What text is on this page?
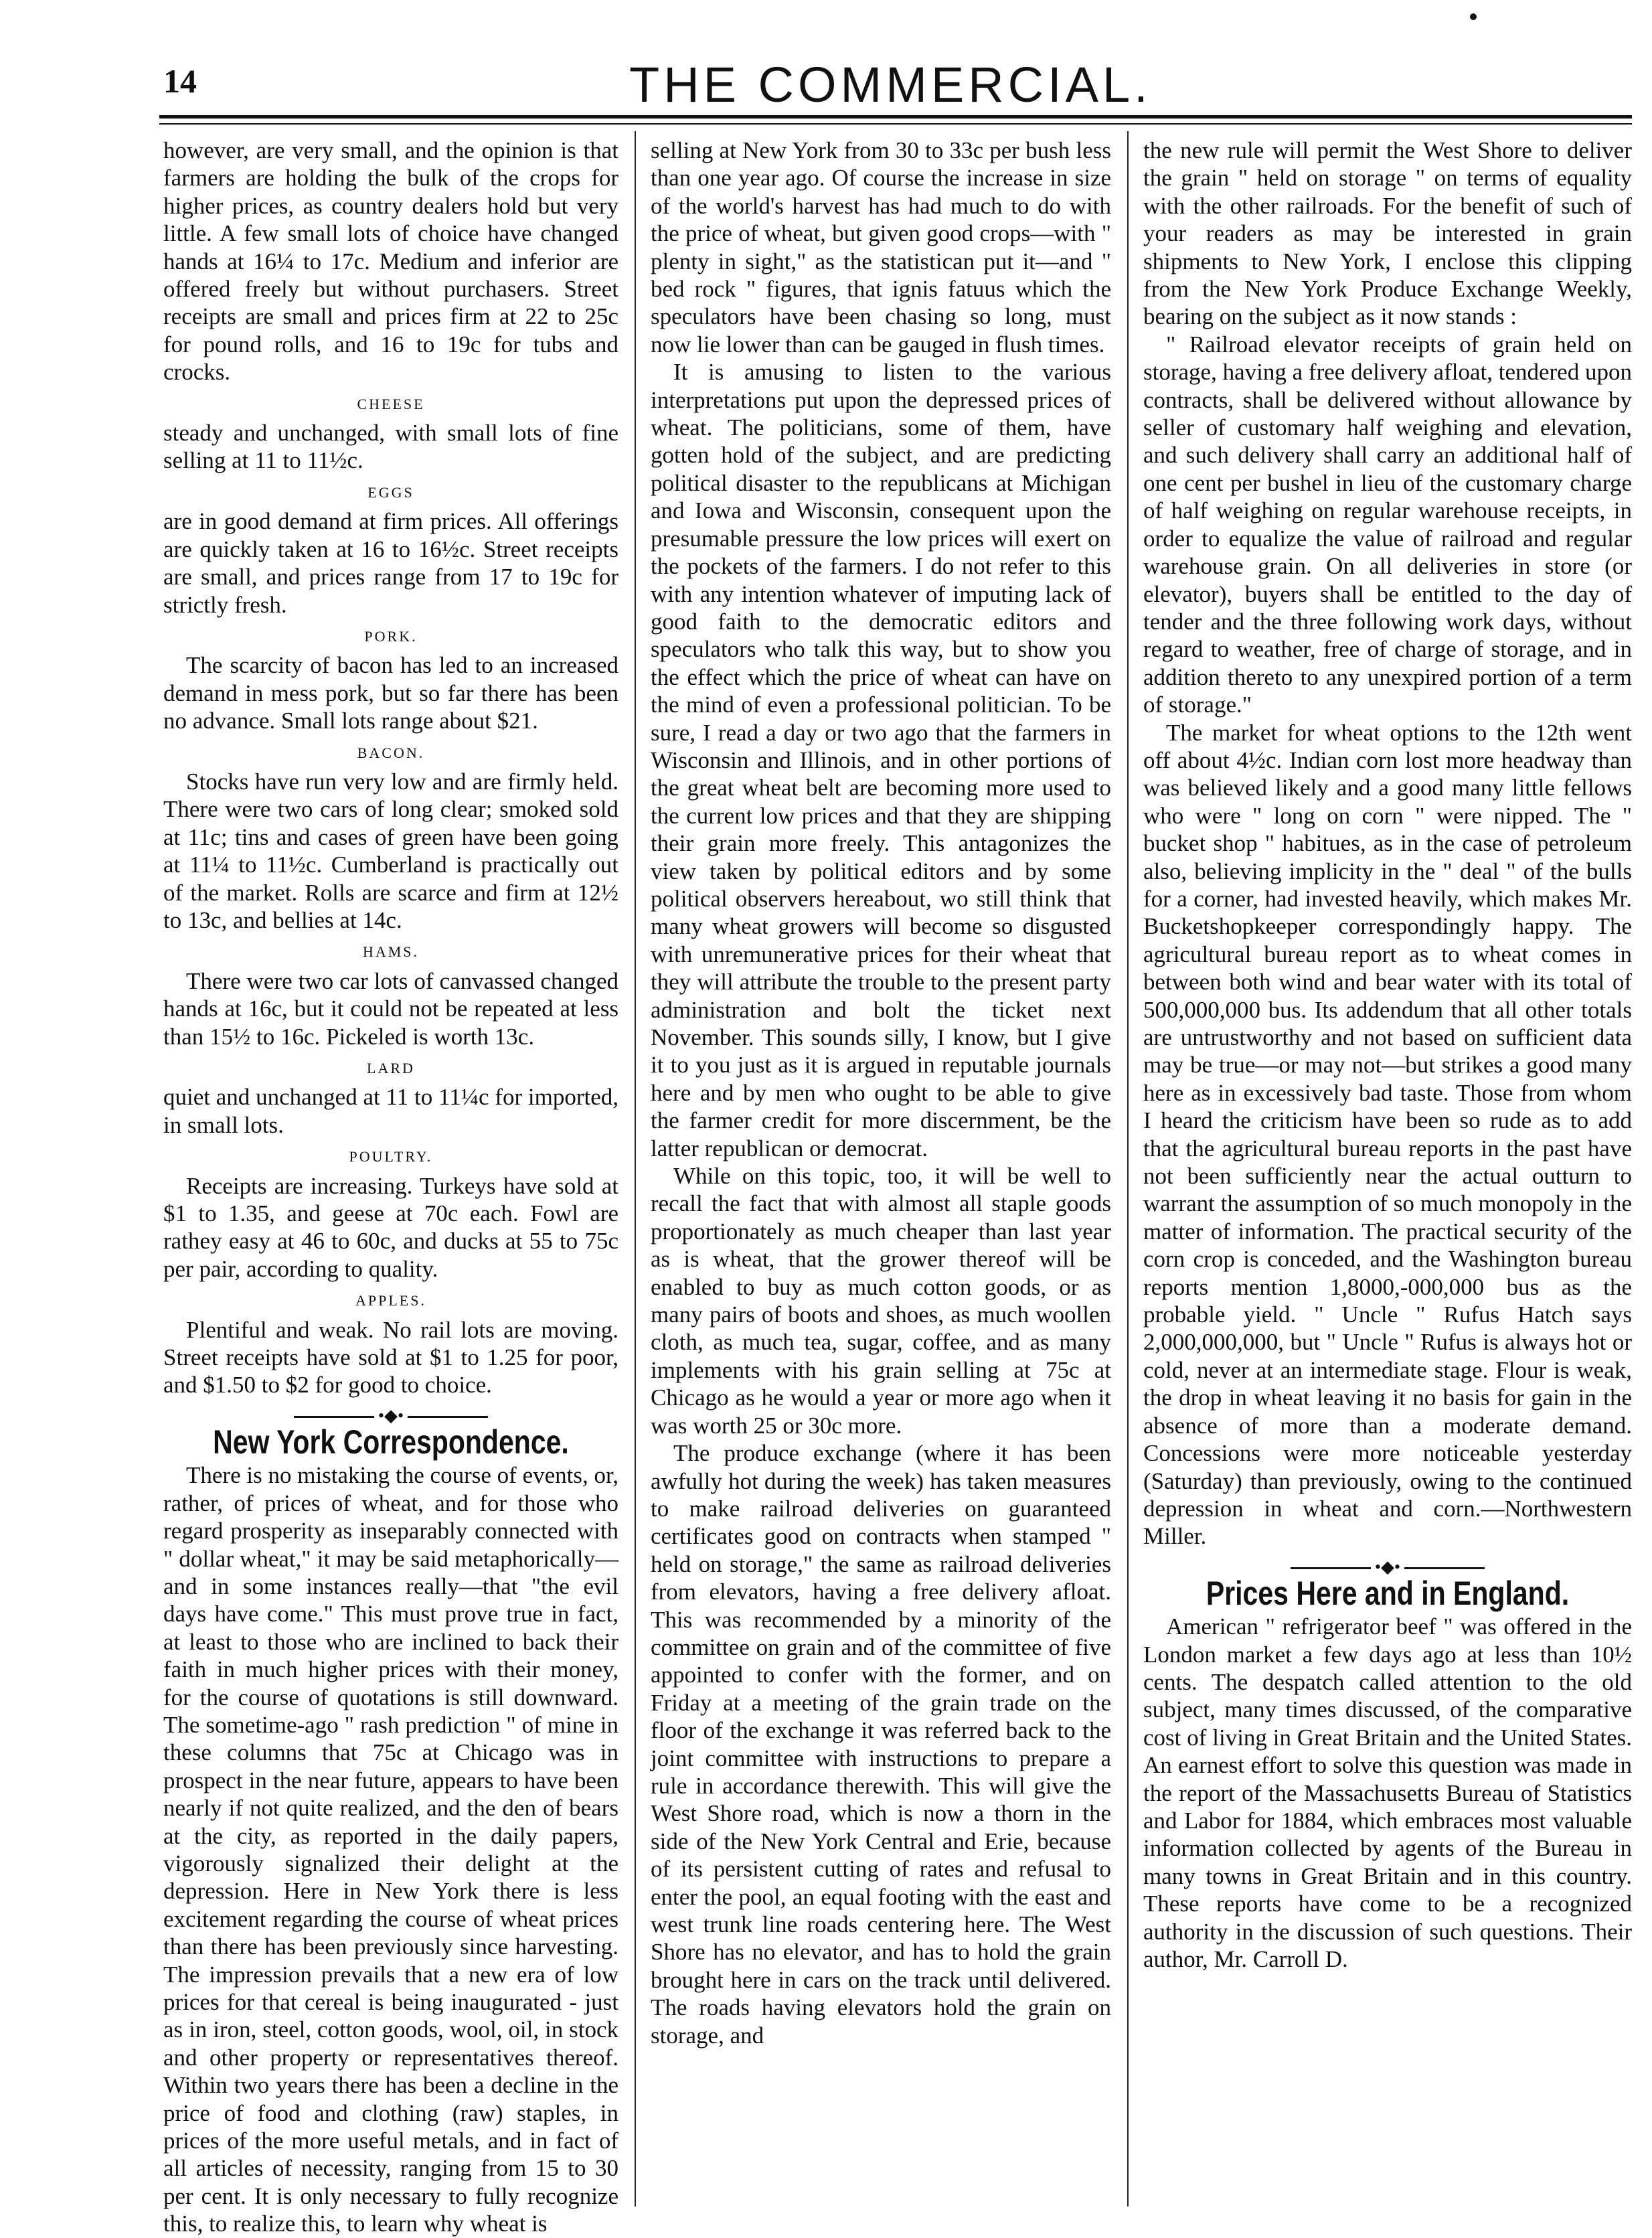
14	THE COMMERCIAL.

however, are very small, and the opinion is that farmers are holding the bulk of the crops for higher prices, as country dealers hold but very little. A few small lots of choice have changed hands at 16¼ to 17c. Medium and inferior are offered freely but without purchasers. Street receipts are small and prices firm at 22 to 25c for pound rolls, and 16 to 19c for tubs and crocks.

CHEESE

steady and unchanged, with small lots of fine selling at 11 to 11½c.

EGGS

are in good demand at firm prices. All offerings are quickly taken at 16 to 16½c. Street receipts are small, and prices range from 17 to 19c for strictly fresh.

PORK.

The scarcity of bacon has led to an increased demand in mess pork, but so far there has been no advance. Small lots range about $21.

BACON.

Stocks have run very low and are firmly held. There were two cars of long clear; smoked sold at 11c; tins and cases of green have been going at 11¼ to 11½c. Cumberland is practically out of the market. Rolls are scarce and firm at 12½ to 13c, and bellies at 14c.

HAMS.

There were two car lots of canvassed changed hands at 16c, but it could not be repeated at less than 15½ to 16c. Pickeled is worth 13c.

LARD

quiet and unchanged at 11 to 11¼c for imported, in small lots.

POULTRY.

Receipts are increasing. Turkeys have sold at $1 to 1.35, and geese at 70c each. Fowl are rathey easy at 46 to 60c, and ducks at 55 to 75c per pair, according to quality.

APPLES.

Plentiful and weak. No rail lots are moving. Street receipts have sold at $1 to 1.25 for poor, and $1.50 to $2 for good to choice.

•◆•

New York Correspondence.

There is no mistaking the course of events, or, rather, of prices of wheat, and for those who regard prosperity as inseparably connected with " dollar wheat," it may be said metaphorically—and in some instances really—that "the evil days have come." This must prove true in fact, at least to those who are inclined to back their faith in much higher prices with their money, for the course of quotations is still downward. The sometime-ago " rash prediction " of mine in these columns that 75c at Chicago was in prospect in the near future, appears to have been nearly if not quite realized, and the den of bears at the city, as reported in the daily papers, vigorously signalized their delight at the depression. Here in New York there is less excitement regarding the course of wheat prices than there has been previously since harvesting. The impression prevails that a new era of low prices for that cereal is being inaugurated - just as in iron, steel, cotton goods, wool, oil, in stock and other property or representatives thereof. Within two years there has been a decline in the price of food and clothing (raw) staples, in prices of the more useful metals, and in fact of all articles of necessity, ranging from 15 to 30 per cent. It is only necessary to fully recognize this, to realize this, to learn why wheat is

selling at New York from 30 to 33c per bush less than one year ago. Of course the increase in size of the world's harvest has had much to do with the price of wheat, but given good crops—with " plenty in sight," as the statistican put it—and " bed rock " figures, that ignis fatuus which the speculators have been chasing so long, must now lie lower than can be gauged in flush times.

It is amusing to listen to the various interpretations put upon the depressed prices of wheat. The politicians, some of them, have gotten hold of the subject, and are predicting political disaster to the republicans at Michigan and Iowa and Wisconsin, consequent upon the presumable pressure the low prices will exert on the pockets of the farmers. I do not refer to this with any intention whatever of imputing lack of good faith to the democratic editors and speculators who talk this way, but to show you the effect which the price of wheat can have on the mind of even a professional politician. To be sure, I read a day or two ago that the farmers in Wisconsin and Illinois, and in other portions of the great wheat belt are becoming more used to the current low prices and that they are shipping their grain more freely. This antagonizes the view taken by political editors and by some political observers hereabout, wo still think that many wheat growers will become so disgusted with unremunerative prices for their wheat that they will attribute the trouble to the present party administration and bolt the ticket next November. This sounds silly, I know, but I give it to you just as it is argued in reputable journals here and by men who ought to be able to give the farmer credit for more discernment, be the latter republican or democrat.

While on this topic, too, it will be well to recall the fact that with almost all staple goods proportionately as much cheaper than last year as is wheat, that the grower thereof will be enabled to buy as much cotton goods, or as many pairs of boots and shoes, as much woollen cloth, as much tea, sugar, coffee, and as many implements with his grain selling at 75c at Chicago as he would a year or more ago when it was worth 25 or 30c more.

The produce exchange (where it has been awfully hot during the week) has taken measures to make railroad deliveries on guaranteed certificates good on contracts when stamped " held on storage," the same as railroad deliveries from elevators, having a free delivery afloat. This was recommended by a minority of the committee on grain and of the committee of five appointed to confer with the former, and on Friday at a meeting of the grain trade on the floor of the exchange it was referred back to the joint committee with instructions to prepare a rule in accordance therewith. This will give the West Shore road, which is now a thorn in the side of the New York Central and Erie, because of its persistent cutting of rates and refusal to enter the pool, an equal footing with the east and west trunk line roads centering here. The West Shore has no elevator, and has to hold the grain brought here in cars on the track until delivered. The roads having elevators hold the grain on storage, and

the new rule will permit the West Shore to deliver the grain " held on storage " on terms of equality with the other railroads. For the benefit of such of your readers as may be interested in grain shipments to New York, I enclose this clipping from the New York Produce Exchange Weekly, bearing on the subject as it now stands :

" Railroad elevator receipts of grain held on storage, having a free delivery afloat, tendered upon contracts, shall be delivered without allowance by seller of customary half weighing and elevation, and such delivery shall carry an additional half of one cent per bushel in lieu of the customary charge of half weighing on regular warehouse receipts, in order to equalize the value of railroad and regular warehouse grain. On all deliveries in store (or elevator), buyers shall be entitled to the day of tender and the three following work days, without regard to weather, free of charge of storage, and in addition thereto to any unexpired portion of a term of storage."

The market for wheat options to the 12th went off about 4½c. Indian corn lost more headway than was believed likely and a good many little fellows who were " long on corn " were nipped. The " bucket shop " habitues, as in the case of petroleum also, believing implicity in the " deal " of the bulls for a corner, had invested heavily, which makes Mr. Bucketshopkeeper correspondingly happy. The agricultural bureau report as to wheat comes in between both wind and bear water with its total of 500,000,000 bus. Its addendum that all other totals are untrustworthy and not based on sufficient data may be true—or may not—but strikes a good many here as in excessively bad taste. Those from whom I heard the criticism have been so rude as to add that the agricultural bureau reports in the past have not been sufficiently near the actual outturn to warrant the assumption of so much monopoly in the matter of information. The practical security of the corn crop is conceded, and the Washington bureau reports mention 1,8000,-000,000 bus as the probable yield. " Uncle " Rufus Hatch says 2,000,000,000, but " Uncle " Rufus is always hot or cold, never at an intermediate stage. Flour is weak, the drop in wheat leaving it no basis for gain in the absence of more than a moderate demand. Concessions were more noticeable yesterday (Saturday) than previously, owing to the continued depression in wheat and corn.—Northwestern Miller.

•◆•

Prices Here and in England.

American " refrigerator beef " was offered in the London market a few days ago at less than 10½ cents. The despatch called attention to the old subject, many times discussed, of the comparative cost of living in Great Britain and the United States. An earnest effort to solve this question was made in the report of the Massachusetts Bureau of Statistics and Labor for 1884, which embraces most valuable information collected by agents of the Bureau in many towns in Great Britain and in this country. These reports have come to be a recognized authority in the discussion of such questions. Their author, Mr. Carroll D.
